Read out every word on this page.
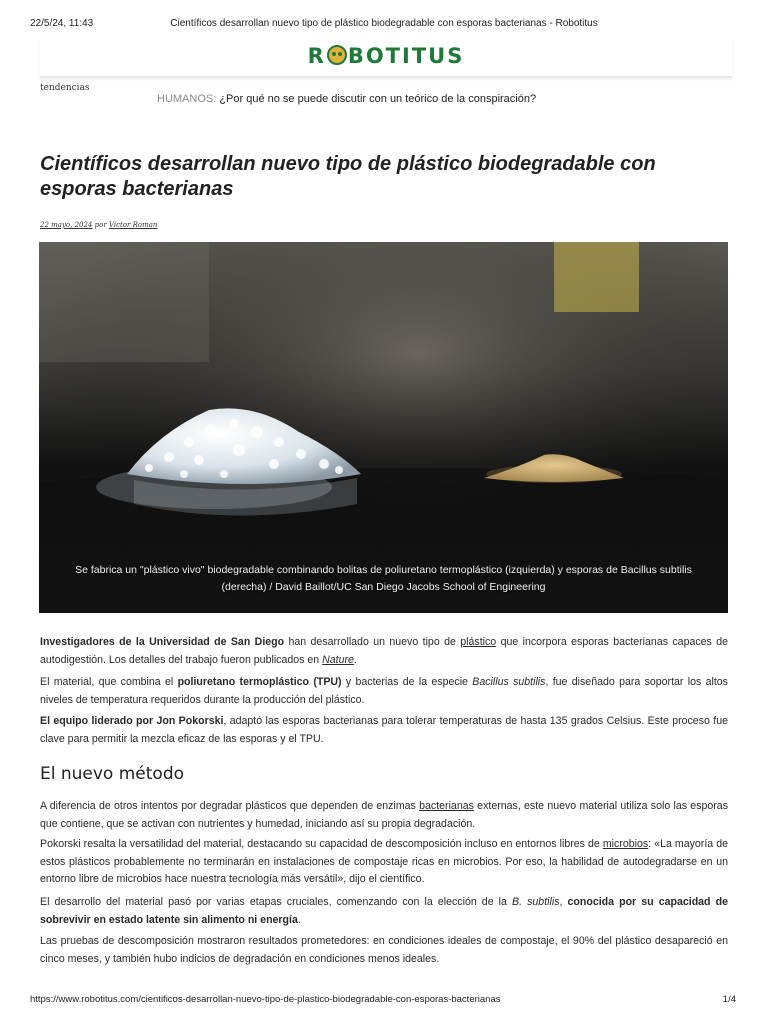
22/5/24, 11:43	Científicos desarrollan nuevo tipo de plástico biodegradable con esporas bacterianas - Robotitus
R BOTITUS
tendencias
HUMANOS: ¿Por qué no se puede discutir con un teórico de la conspiración?
Científicos desarrollan nuevo tipo de plástico biodegradable con esporas bacterianas
22 mayo, 2024 por Victor Roman
Se fabrica un "plástico vivo" biodegradable combinando bolitas de poliuretano termoplástico (izquierda) y esporas de Bacillus subtilis
(derecha) / David Baillot/UC San Diego Jacobs School of Engineering

Investigadores de la Universidad de San Diego han desarrollado un nuevo tipo de plástico que incorpora esporas bacterianas capaces de autodigestión. Los detalles del trabajo fueron publicados en Nature.

El material, que combina el poliuretano termoplástico (TPU) y bacterias de la especie Bacillus subtilis, fue diseñado para soportar los altos niveles de temperatura requeridos durante la producción del plástico.

El equipo liderado por Jon Pokorski, adaptó las esporas bacterianas para tolerar temperaturas de hasta 135 grados Celsius. Este proceso fue clave para permitir la mezcla eficaz de las esporas y el TPU.

El nuevo método

A diferencia de otros intentos por degradar plásticos que dependen de enzimas bacterianas externas, este nuevo material utiliza solo las esporas que contiene, que se activan con nutrientes y humedad, iniciando así su propia degradación.

Pokorski resalta la versatilidad del material, destacando su capacidad de descomposición incluso en entornos libres de microbios: «La mayoría de estos plásticos probablemente no terminarán en instalaciones de compostaje ricas en microbios. Por eso, la habilidad de autodegradarse en un entorno libre de microbios hace nuestra tecnología más versátil», dijo el científico.

El desarrollo del material pasó por varias etapas cruciales, comenzando con la elección de la B. subtilis, conocida por su capacidad de sobrevivir en estado latente sin alimento ni energía.

Las pruebas de descomposición mostraron resultados prometedores: en condiciones ideales de compostaje, el 90% del plástico desapareció en cinco meses, y también hubo indicios de degradación en condiciones menos ideales.

https://www.robotitus.com/cientificos-desarrollan-nuevo-tipo-de-plastico-biodegradable-con-esporas-bacterianas	1/4
